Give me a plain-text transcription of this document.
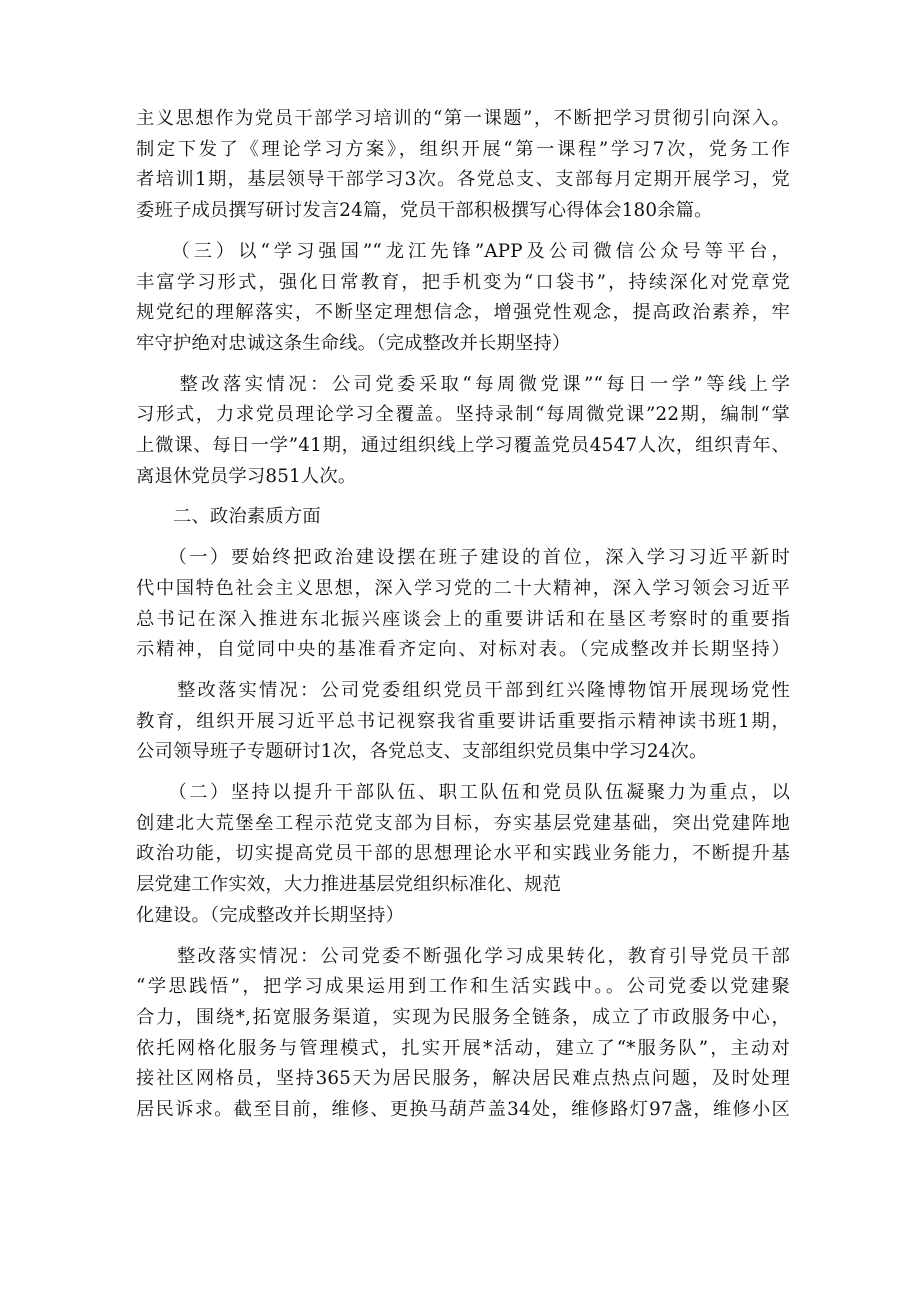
主义思想作为党员干部学习培训的“第一课题”，不断把学习贯彻引向深入。

制定下发了《理论学习方案》，组织开展“第一课程”学习7次，党务工作

者培训1期，基层领导干部学习3次。各党总支、支部每月定期开展学习，党

委班子成员撰写研讨发言24篇，党员干部积极撰写心得体会180余篇。

　　（三）以“学习强国”“龙江先锋”APP及公司微信公众号等平台，

丰富学习形式，强化日常教育，把手机变为“口袋书”，持续深化对党章党

规党纪的理解落实，不断坚定理想信念，增强党性观念，提高政治素养，牢

牢守护绝对忠诚这条生命线。（完成整改并长期坚持）

　　整改落实情况：公司党委采取“每周微党课”“每日一学”等线上学

习形式，力求党员理论学习全覆盖。坚持录制“每周微党课”22期，编制“掌

上微课、每日一学”41期，通过组织线上学习覆盖党员4547人次，组织青年、

离退休党员学习851人次。

　　二、政治素质方面

　　（一）要始终把政治建设摆在班子建设的首位，深入学习习近平新时

代中国特色社会主义思想，深入学习党的二十大精神，深入学习领会习近平

总书记在深入推进东北振兴座谈会上的重要讲话和在垦区考察时的重要指

示精神，自觉同中央的基准看齐定向、对标对表。（完成整改并长期坚持）

　　整改落实情况：公司党委组织党员干部到红兴隆博物馆开展现场党性

教育，组织开展习近平总书记视察我省重要讲话重要指示精神读书班1期，

公司领导班子专题研讨1次，各党总支、支部组织党员集中学习24次。

　　（二）坚持以提升干部队伍、职工队伍和党员队伍凝聚力为重点，以

创建北大荒堡垒工程示范党支部为目标，夯实基层党建基础，突出党建阵地

政治功能，切实提高党员干部的思想理论水平和实践业务能力，不断提升基

层党建工作实效，大力推进基层党组织标准化、规范

化建设。（完成整改并长期坚持）

　　整改落实情况：公司党委不断强化学习成果转化，教育引导党员干部

“学思践悟”，把学习成果运用到工作和生活实践中。。公司党委以党建聚

合力，围绕*,拓宽服务渠道，实现为民服务全链条，成立了市政服务中心，

依托网格化服务与管理模式，扎实开展*活动，建立了“*服务队”，主动对

接社区网格员，坚持365天为居民服务，解决居民难点热点问题，及时处理

居民诉求。截至目前，维修、更换马葫芦盖34处，维修路灯97盏，维修小区
